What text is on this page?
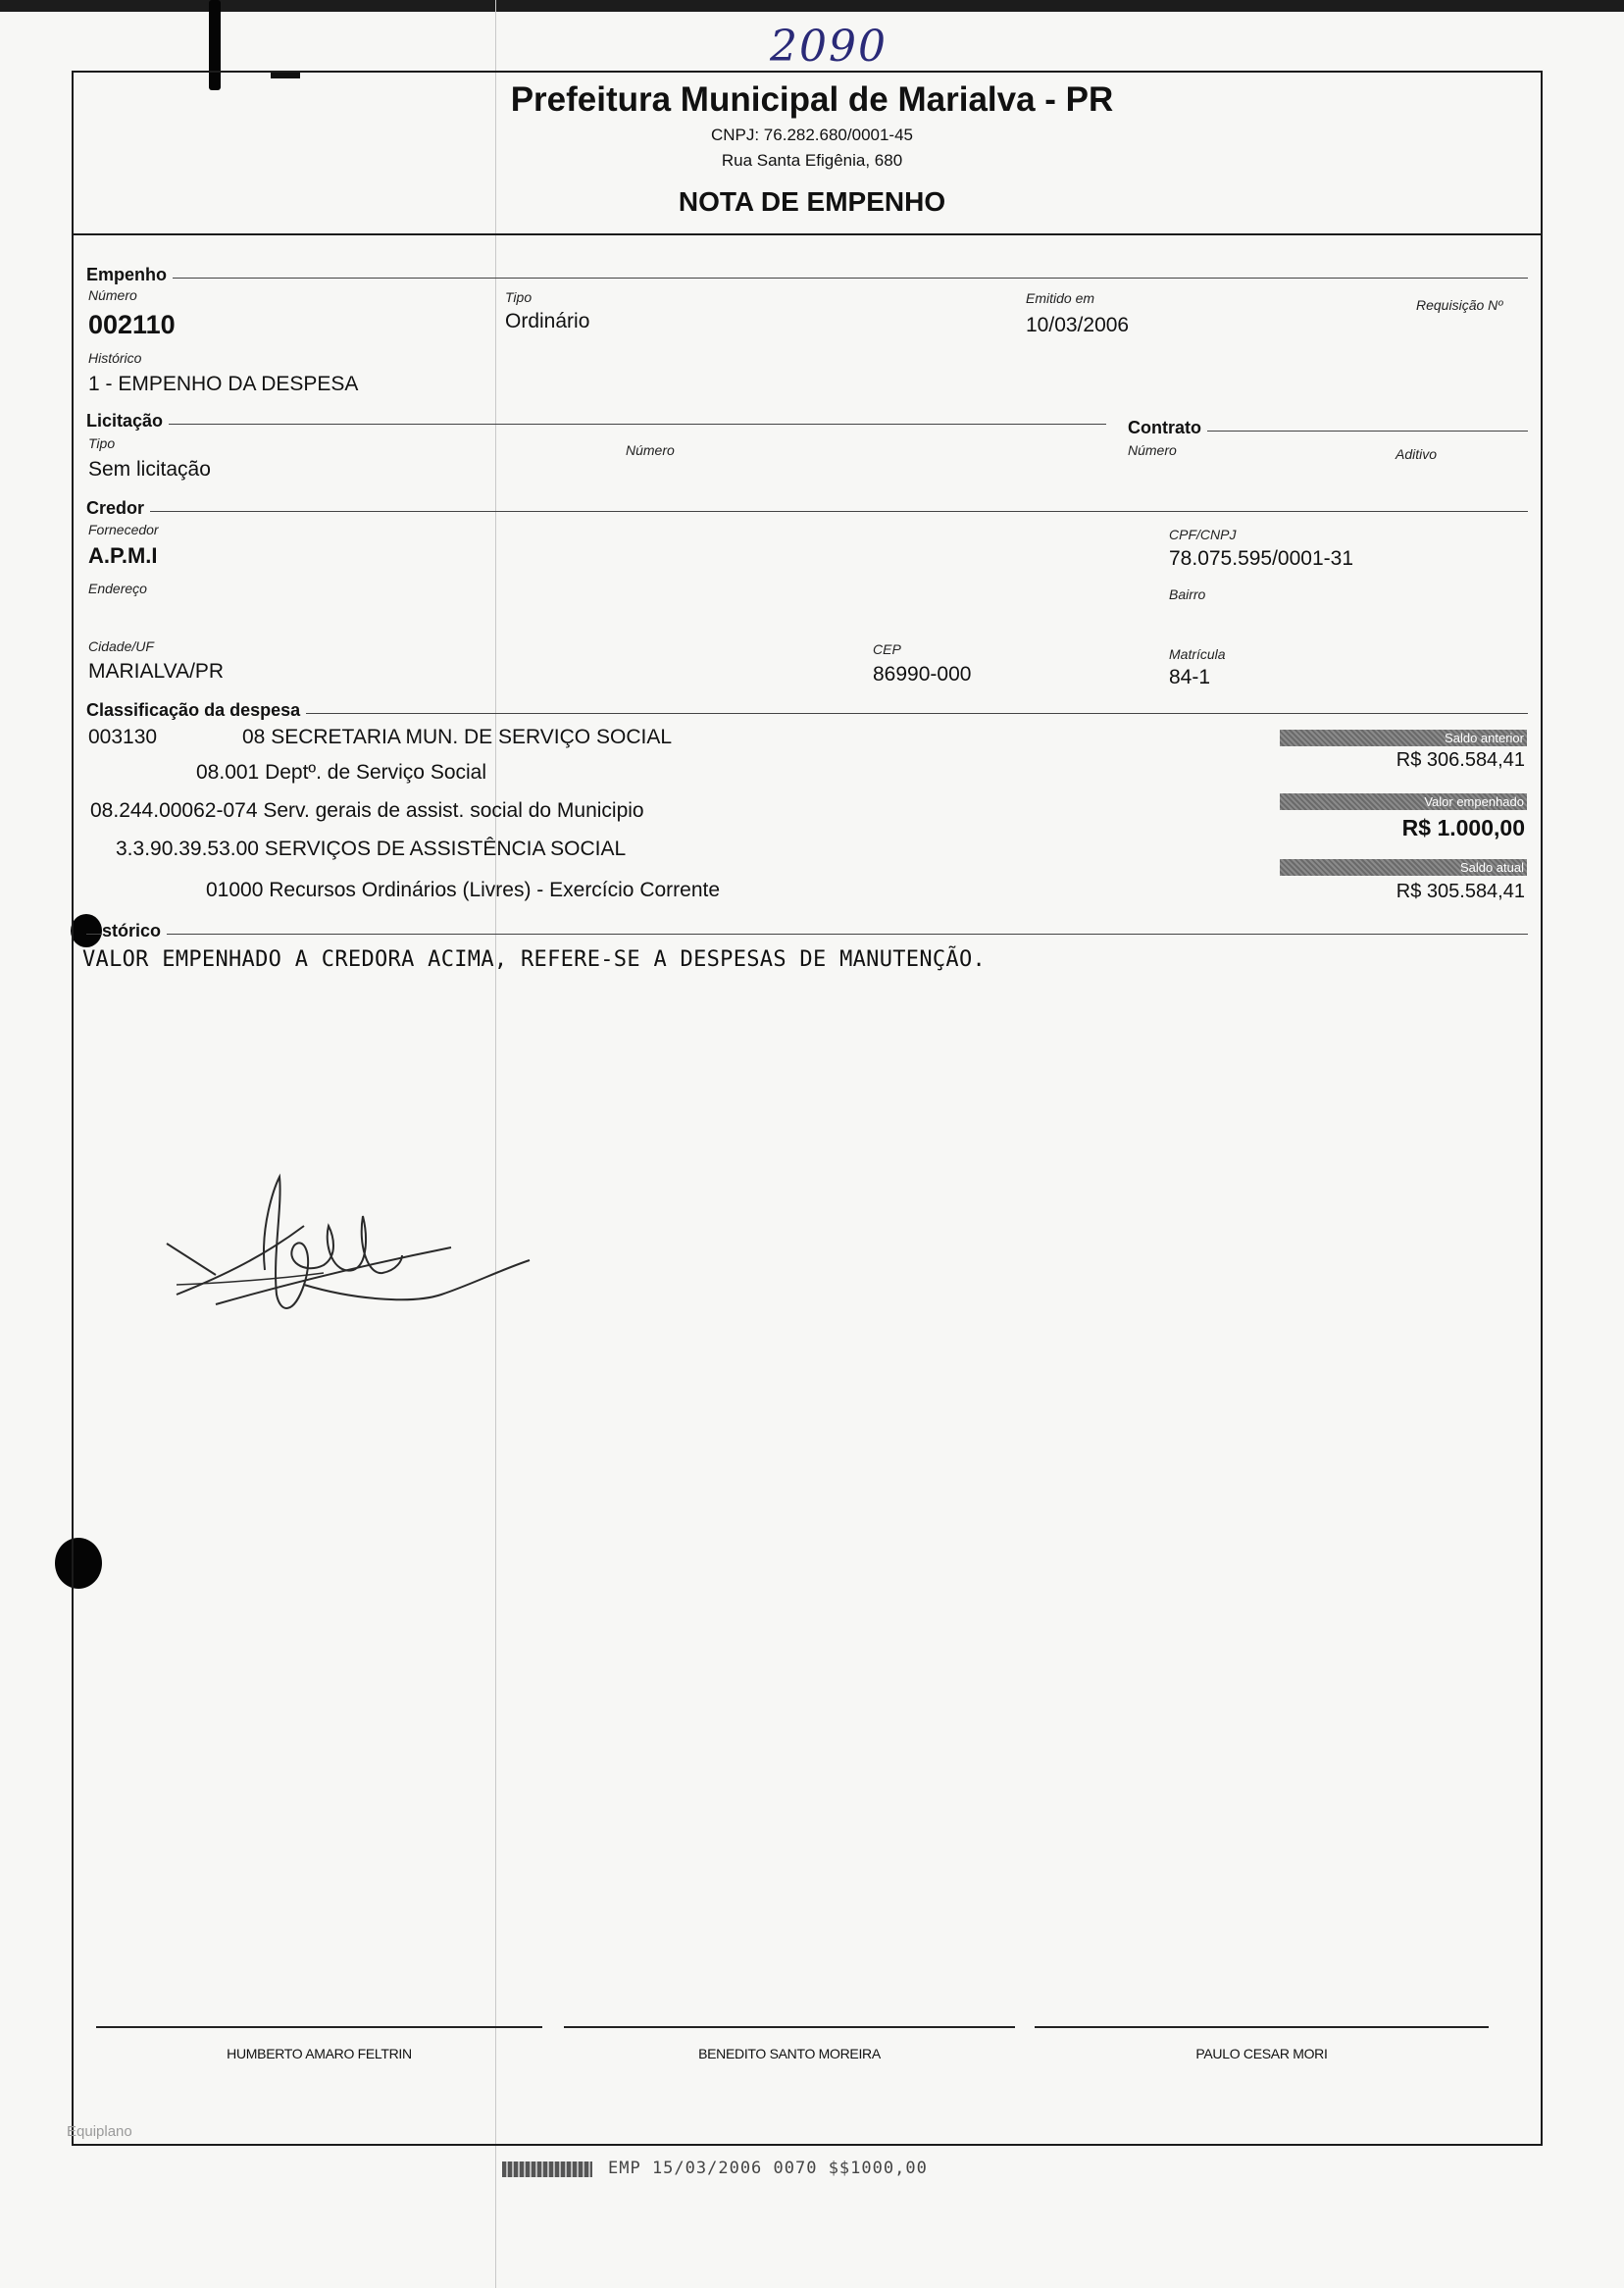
2090
Prefeitura Municipal de Marialva - PR
CNPJ: 76.282.680/0001-45
Rua Santa Efigênia, 680
NOTA DE EMPENHO
Empenho
Número
002110
Tipo
Ordinário
Emitido em
10/03/2006
Requisição Nº
Histórico
1 - EMPENHO DA DESPESA
Licitação
Tipo
Sem licitação
Número
Contrato
Número	Aditivo
Credor
Fornecedor
A.P.M.I
CPF/CNPJ
78.075.595/0001-31
Endereço	Bairro
Cidade/UF
MARIALVA/PR
CEP
86990-000
Matrícula
84-1
Classificação da despesa
003130	08 SECRETARIA MUN. DE SERVIÇO SOCIAL
08.001 Deptº. de Serviço Social
08.244.00062-074 Serv. gerais de assist. social do Municipio
3.3.90.39.53.00 SERVIÇOS DE ASSISTÊNCIA SOCIAL
01000 Recursos Ordinários (Livres) - Exercício Corrente
Saldo anterior
R$ 306.584,41
Valor empenhado
R$ 1.000,00
Saldo atual
R$ 305.584,41
stórico
VALOR EMPENHADO A CREDORA ACIMA, REFERE-SE A DESPESAS DE MANUTENÇÃO.
HUMBERTO AMARO FELTRIN	BENEDITO SANTO MOREIRA	PAULO CESAR MORI
Equiplano
EMP 15/03/2006 0070 $$1000,00
